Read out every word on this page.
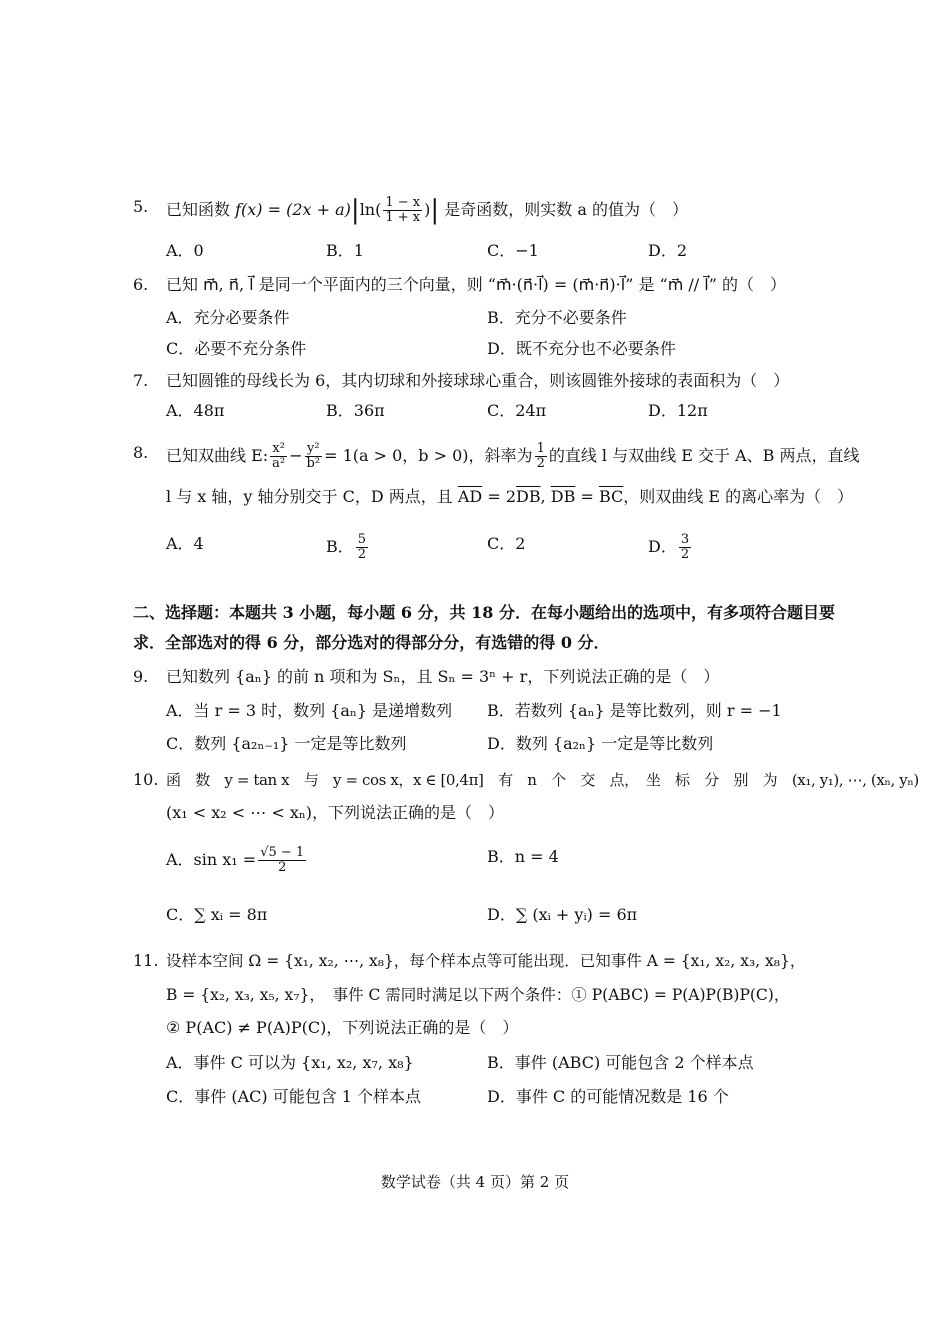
5. 已知函数 $f(x) = (2x + a)|\ln( \frac{1 - x}{1 + x}$ )| 是奇函数，则实数 a 的值为（　）
A．0	B．1	C．−1	D．2
6. 已知 m⃗, n⃗, l⃗ 是同一个平面内的三个向量，则 “m⃗·(n⃗·l⃗) = (m⃗·n⃗)·l⃗” 是 “m⃗ // l⃗” 的（　）
A．充分必要条件	B．充分不必要条件
C．必要不充分条件	D．既不充分也不必要条件
7. 已知圆锥的母线长为 6，其内切球和外接球球心重合，则该圆锥外接球的表面积为（　）
A．48π	B．36π	C．24π	D．12π
8. 已知双曲线 E: $\frac{\text{x²}}{\text{a²}} - \frac{\text{y²}}{\text{b²}} = 1(a > 0$，b > 0)，斜率为 $\frac{1}{2}$ 的直线 l 与双曲线 E 交于 A、B 两点，直线
l 与 x 轴，y 轴分别交于 C，D 两点，且 $\overline{AD} = 2\overline{DB}$, $\overline{DB} = \overline{BC}$，则双曲线 E 的离心率为（　）
A．4	B． $\frac{5}{2}$	C．2	D． $\frac{3}{2}$
二、选择题：本题共 3 小题，每小题 6 分，共 18 分．在每小题给出的选项中，有多项符合题目要
求．全部选对的得 6 分，部分选对的得部分分，有选错的得 0 分．
9. 已知数列 {aₙ} 的前 n 项和为 Sₙ，且 Sₙ = 3ⁿ + r，下列说法正确的是（　）
A．当 r = 3 时，数列 {aₙ} 是递增数列 B．若数列 {aₙ} 是等比数列，则 r = −1
C．数列 {a₂ₙ₋₁} 一定是等比数列	D．数列 {a₂ₙ} 一定是等比数列
10. 函　数　y = tan x　与　y = cos x，x ∈ [0,4π]　有　n　个　交　点，　坐　标　分　别　为　(x₁, y₁), ⋯, (xₙ, yₙ)
(x₁ < x₂ < ⋯ < xₙ)，下列说法正确的是（　）
A．$\sin x_1 = \frac{√5 - 1}{2}$	B．n = 4
C．∑ xᵢ = 8π	D．∑ (xᵢ + yᵢ) = 6π
11. 设样本空间 Ω = {x₁, x₂, ⋯, x₈}，每个样本点等可能出现．已知事件 A = {x₁, x₂, x₃, x₈}，
B = {x₂, x₃, x₅, x₇}，　事件 C 需同时满足以下两个条件：① P(ABC) = P(A)P(B)P(C)，
② P(AC) ≠ P(A)P(C)，下列说法正确的是（　）
A．事件 C 可以为 {x₁, x₂, x₇, x₈}	B．事件 (ABC) 可能包含 2 个样本点
C．事件 (AC) 可能包含 1 个样本点	D．事件 C 的可能情况数是 16 个
数学试卷（共 4 页）第 2 页
